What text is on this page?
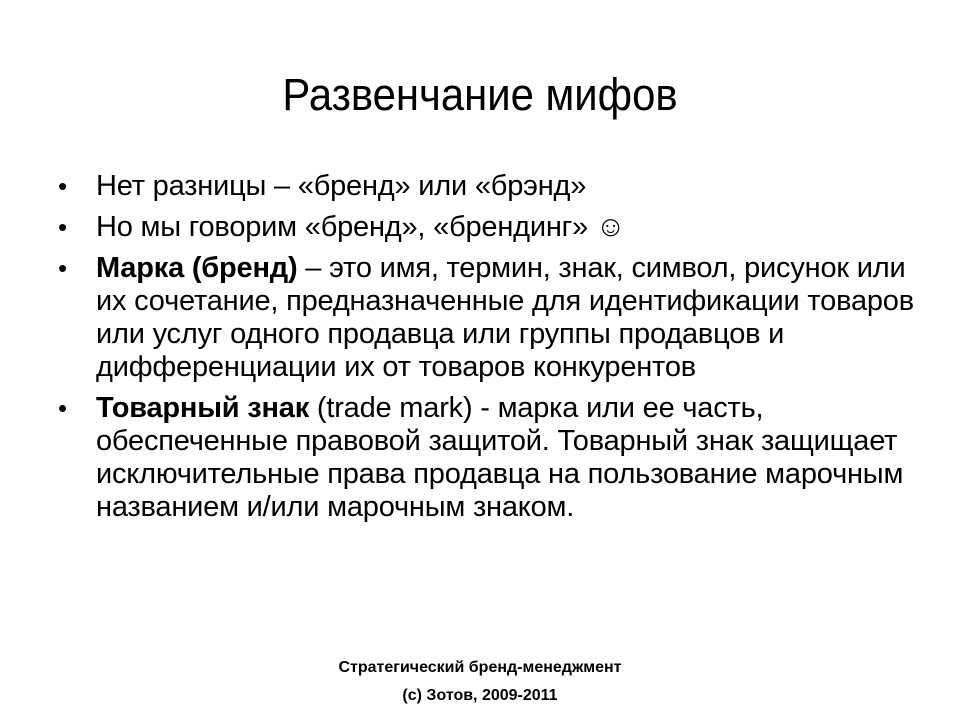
Развенчание мифов
• Нет разницы – «бренд» или «брэнд»
• Но мы говорим «бренд», «брендинг» ☺
• Марка (бренд) – это имя, термин, знак, символ, рисунок или их сочетание, предназначенные для идентификации товаров или услуг одного продавца или группы продавцов и дифференциации их от товаров конкурентов
• Товарный знак (trade mark) - марка или ее часть, обеспеченные правовой защитой. Товарный знак защищает исключительные права продавца на пользование марочным названием и/или марочным знаком.
Стратегический бренд-менеджмент
(c) Зотов, 2009-2011
